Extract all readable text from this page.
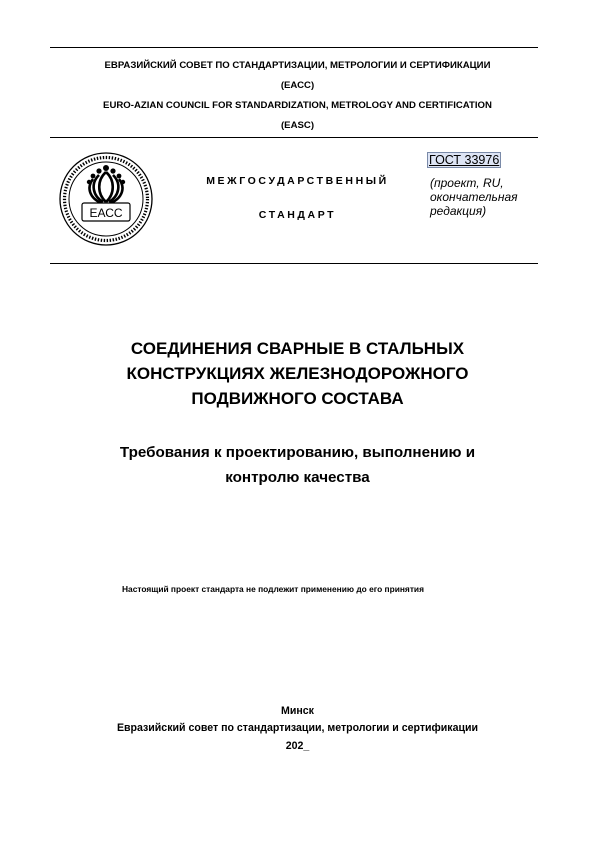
ЕВРАЗИЙСКИЙ СОВЕТ ПО СТАНДАРТИЗАЦИИ, МЕТРОЛОГИИ И СЕРТИФИКАЦИИ
(ЕАСС)
EURO-AZIAN COUNCIL FOR STANDARDIZATION, METROLOGY AND CERTIFICATION
(EASC)
ЕАСС
МЕЖГОСУДАРСТВЕННЫЙ
СТАНДАРТ
ГОСТ 33976
(проект, RU,
окончательная
редакция)
СОЕДИНЕНИЯ СВАРНЫЕ В СТАЛЬНЫХ
КОНСТРУКЦИЯХ ЖЕЛЕЗНОДОРОЖНОГО
ПОДВИЖНОГО СОСТАВА
Требования к проектированию, выполнению и
контролю качества
Настоящий проект стандарта не подлежит применению до его принятия
Минск
Евразийский совет по стандартизации, метрологии и сертификации
202_
